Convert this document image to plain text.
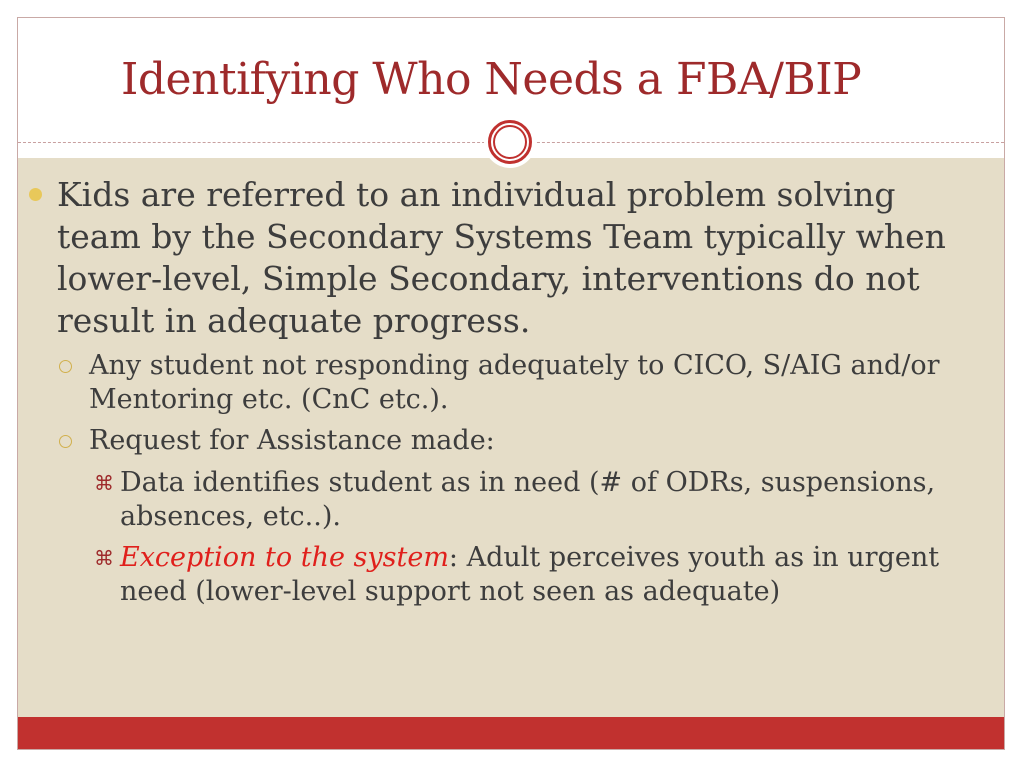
Identifying Who Needs a FBA/BIP
Kids are referred to an individual problem solving team by the Secondary Systems Team typically when lower-level, Simple Secondary, interventions do not result in adequate progress.
Any student not responding adequately to CICO, S/AIG and/or Mentoring etc. (CnC etc.).
Request for Assistance made:
⌘ Data identifies student as in need (# of ODRs, suspensions, absences, etc..).
⌘ Exception to the system: Adult perceives youth as in urgent need (lower-level support not seen as adequate)
